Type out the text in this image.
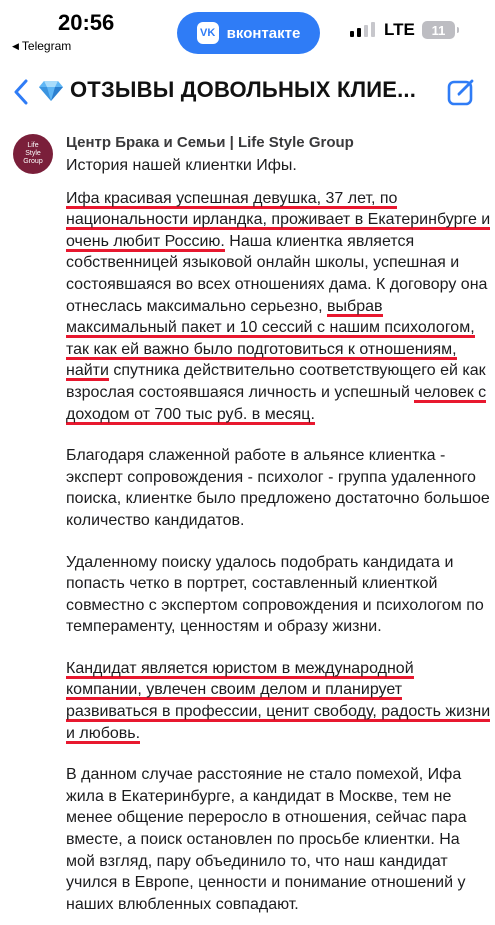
20:56
◀ Telegram
VK вконтакте	LTE 11
ОТЗЫВЫ ДОВОЛЬНЫХ КЛИЕ...
Life
Style
Group
Центр Брака и Семьи | Life Style Group

История нашей клиентки Ифы.

Ифа красивая успешная девушка, 37 лет, по национальности ирландка, проживает в Екатеринбурге и очень любит Россию. Наша клиентка является собственницей языковой онлайн школы, успешная и состоявшаяся во всех отношениях дама. К договору она отнеслась максимально серьезно, выбрав максимальный пакет и 10 сессий с нашим психологом, так как ей важно было подготовиться к отношениям, найти спутника действительно соответствующего ей как взрослая состоявшаяся личность и успешный человек с доходом от 700 тыс руб. в месяц.

Благодаря слаженной работе в альянсе клиентка - эксперт сопровождения - психолог - группа удаленного поиска, клиентке было предложено достаточно большое количество кандидатов.

Удаленному поиску удалось подобрать кандидата и попасть четко в портрет, составленный клиенткой совместно с экспертом сопровождения и психологом по темпераменту, ценностям и образу жизни.

Кандидат является юристом в международной компании, увлечен своим делом и планирует развиваться в профессии, ценит свободу, радость жизни и любовь.

В данном случае расстояние не стало помехой, Ифа жила в Екатеринбурге, а кандидат в Москве, тем не менее общение переросло в отношения, сейчас пара вместе, а поиск остановлен по просьбе клиентки. На мой взгляд, пару объединило то, что наш кандидат учился в Европе, ценности и понимание отношений у наших влюбленных совпадают.
